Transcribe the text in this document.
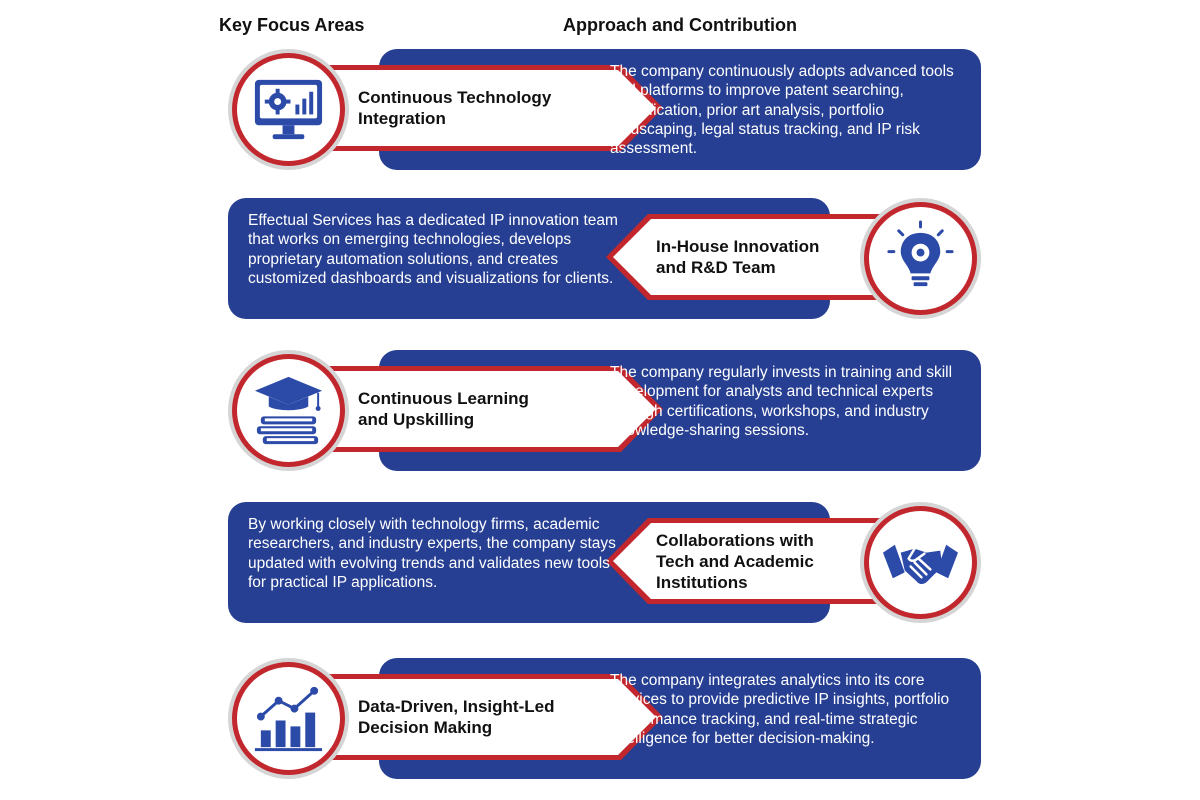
Key Focus Areas	Approach and Contribution
Continuous Technology
Integration
The company continuously adopts advanced tools and platforms to improve patent searching, classification, prior art analysis, portfolio landscaping, legal status tracking, and IP risk assessment.
In-House Innovation
and R&D Team
Effectual Services has a dedicated IP innovation team that works on emerging technologies, develops proprietary automation solutions, and creates customized dashboards and visualizations for clients.
Continuous Learning
and Upskilling
The company regularly invests in training and skill development for analysts and technical experts through certifications, workshops, and industry knowledge-sharing sessions.
Collaborations with
Tech and Academic
Institutions
By working closely with technology firms, academic researchers, and industry experts, the company stays updated with evolving trends and validates new tools for practical IP applications.
Data-Driven, Insight-Led
Decision Making
The company integrates analytics into its core services to provide predictive IP insights, portfolio performance tracking, and real-time strategic intelligence for better decision-making.
